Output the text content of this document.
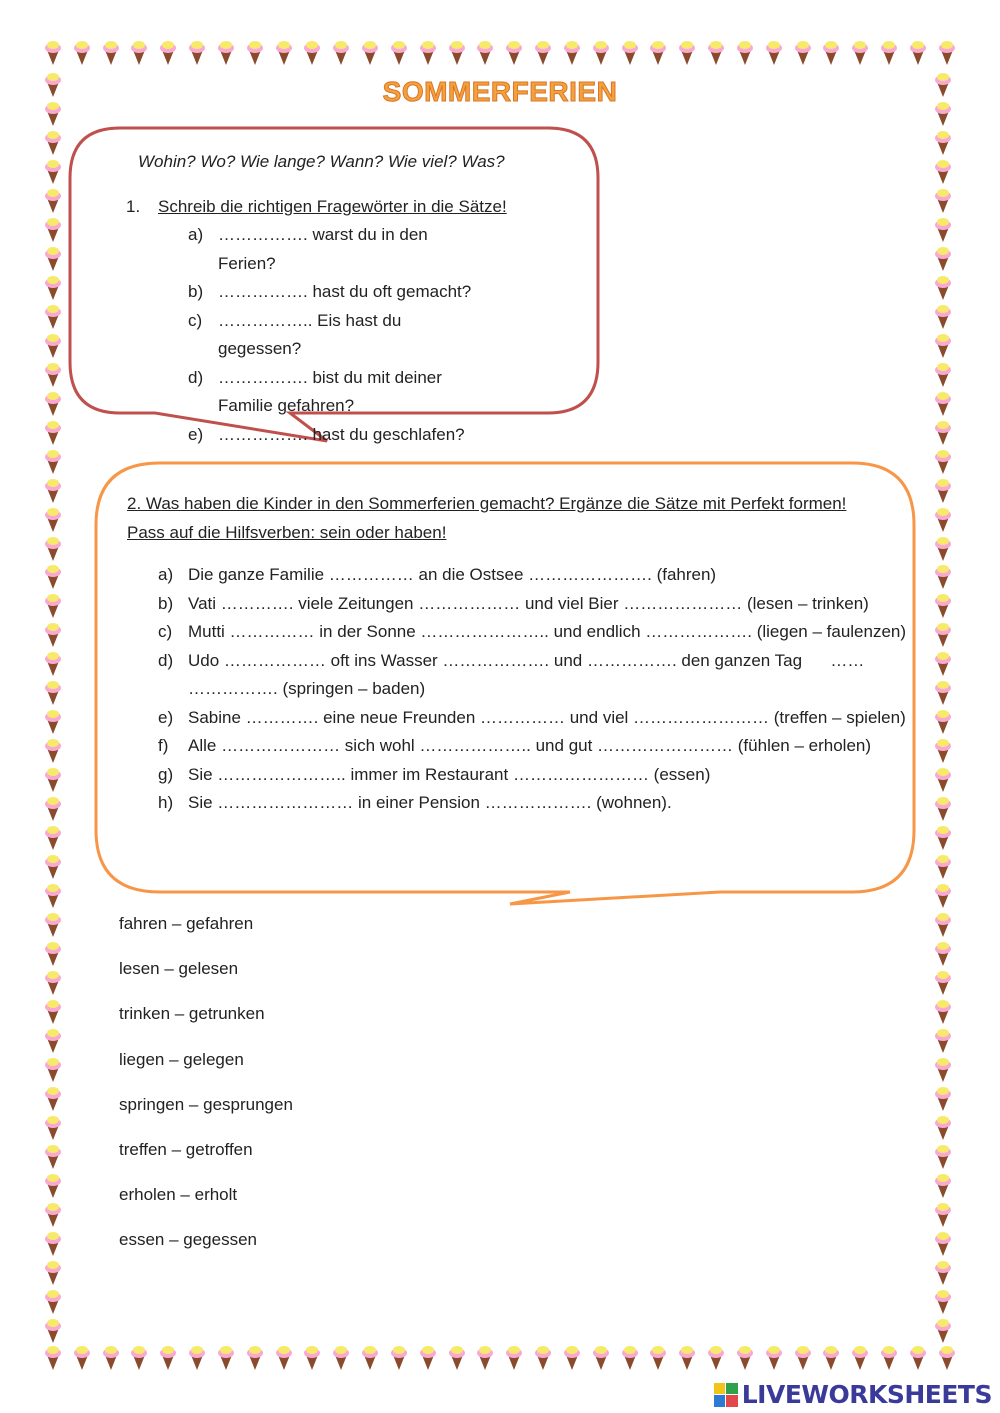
SOMMERFERIEN
Wohin? Wo? Wie lange? Wann? Wie viel? Was?
1.	Schreib die richtigen Fragewörter in die Sätze!
a) ……………. warst du in den Ferien?
b) ……………. hast du oft gemacht?
c) …………….. Eis hast du gegessen?
d) ……………. bist du mit deiner Familie gefahren?
e) ……………. hast du geschlafen?
2. Was haben die Kinder in den Sommerferien gemacht? Ergänze die Sätze mit Perfekt formen! Pass auf die Hilfsverben: sein oder haben!
a) Die ganze Familie …………… an die Ostsee …………………. (fahren)
b) Vati …………. viele Zeitungen ……………… und viel Bier ………………… (lesen – trinken)
c) Mutti …………… in der Sonne ………………….. und endlich ………………. (liegen – faulenzen)
d) Udo ……………… oft ins Wasser ………………. und ……………. den ganzen Tag      …… ……………. (springen – baden)
e) Sabine …………. eine neue Freunden …………… und viel …………………… (treffen – spielen)
f)	Alle ………………… sich wohl ……………….. und gut …………………… (fühlen – erholen)
g) Sie ………………….. immer im Restaurant …………………… (essen)
h) Sie …………………… in einer Pension ………………. (wohnen).
fahren – gefahren
lesen – gelesen
trinken – getrunken
liegen – gelegen
springen – gesprungen
treffen – getroffen
erholen – erholt
essen – gegessen
LIVEWORKSHEETS
